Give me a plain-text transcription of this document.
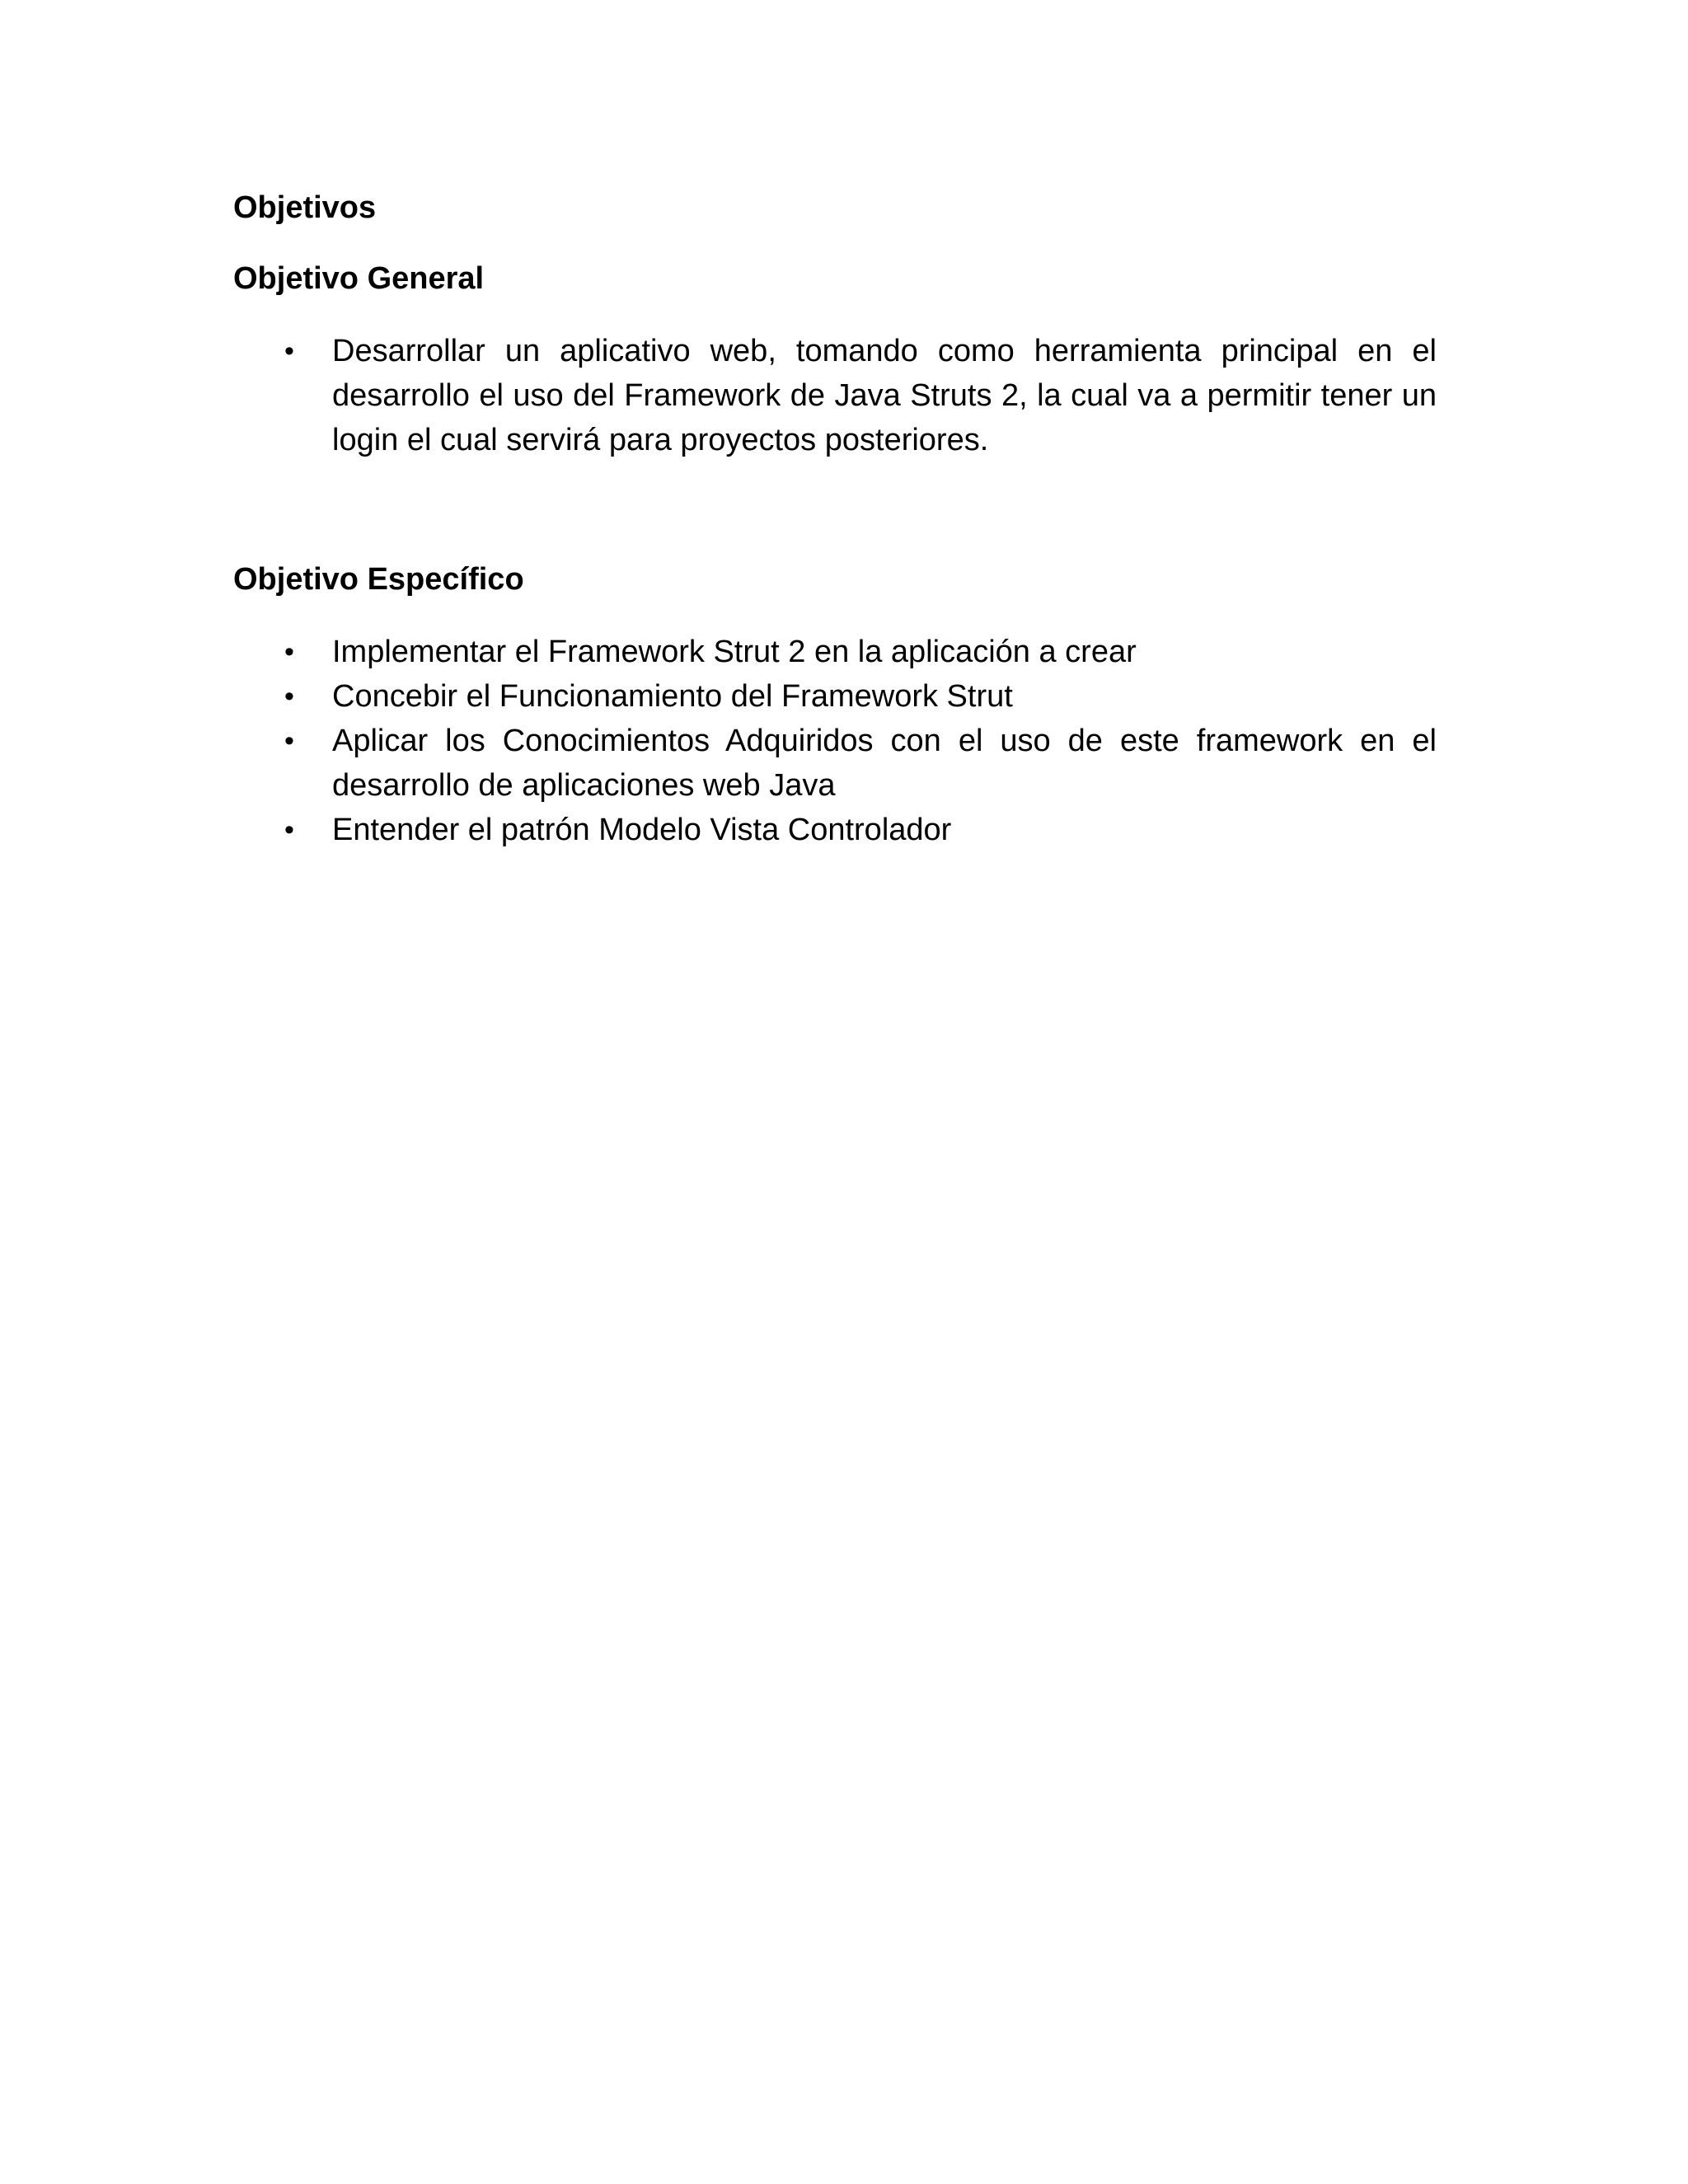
Objetivos
Objetivo General
• Desarrollar un aplicativo web, tomando como herramienta principal en el desarrollo el uso del Framework de Java Struts 2, la cual va a permitir tener un login el cual servirá para proyectos posteriores.
Objetivo Específico
• Implementar el Framework Strut 2 en la aplicación a crear
• Concebir el Funcionamiento del Framework Strut
• Aplicar los Conocimientos Adquiridos con el uso de este framework en el desarrollo de aplicaciones web Java
• Entender el patrón Modelo Vista Controlador
